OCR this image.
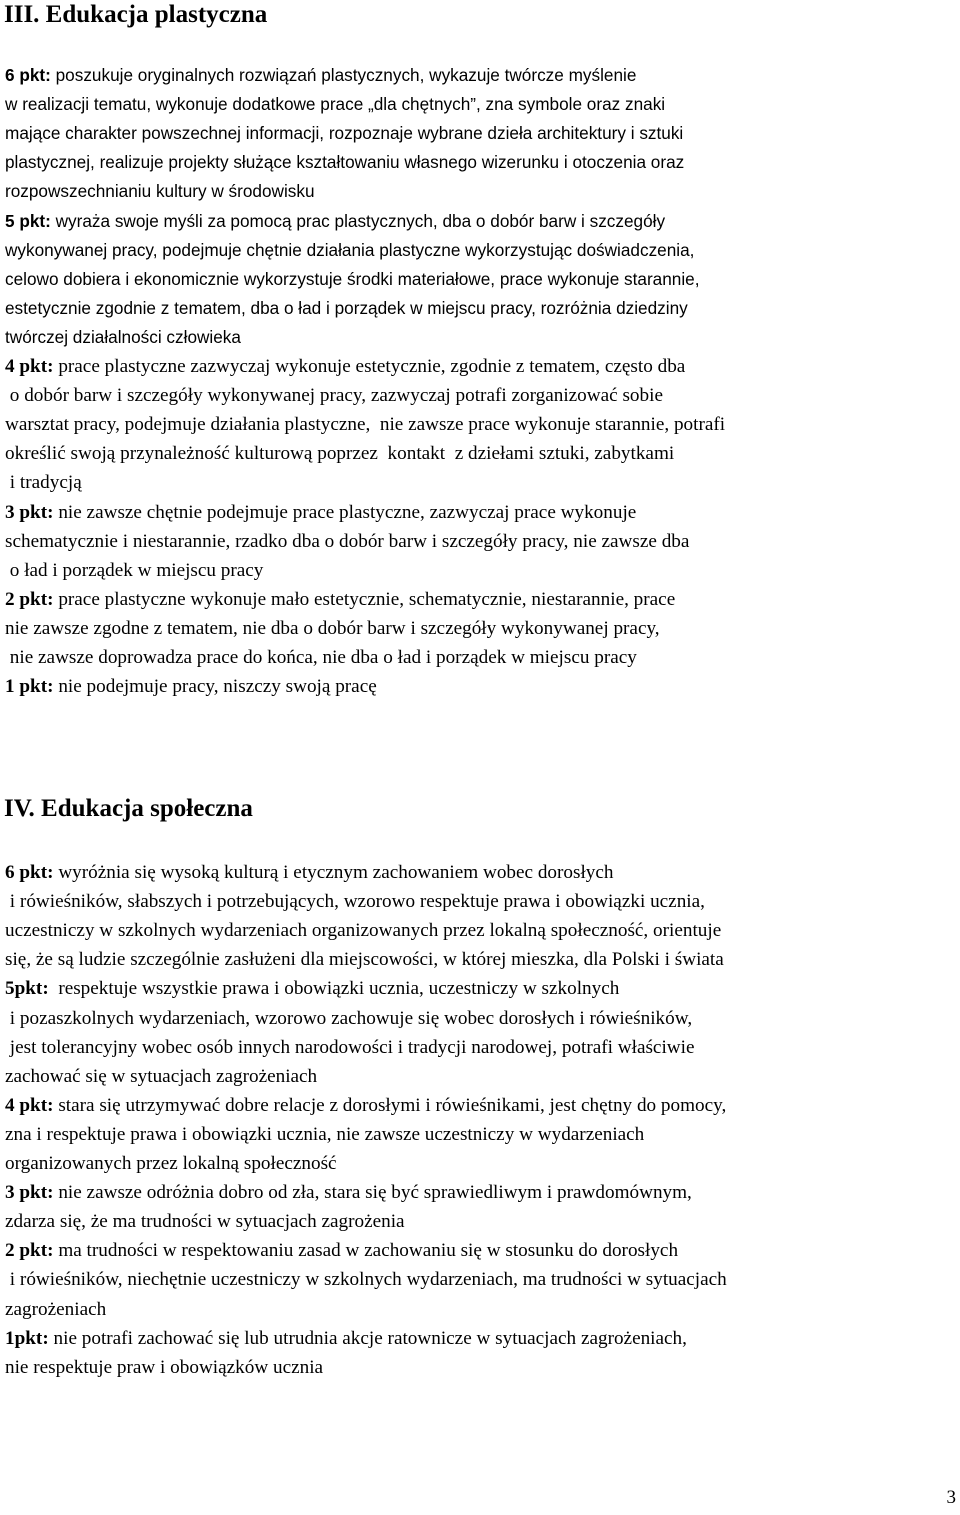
III. Edukacja plastyczna
6 pkt: poszukuje oryginalnych rozwiązań plastycznych, wykazuje twórcze myślenie
w realizacji tematu, wykonuje dodatkowe prace „dla chętnych”, zna symbole oraz znaki
mające charakter powszechnej informacji, rozpoznaje wybrane dzieła architektury i sztuki
plastycznej, realizuje projekty służące kształtowaniu własnego wizerunku i otoczenia oraz
rozpowszechnianiu kultury w środowisku
5 pkt: wyraża swoje myśli za pomocą prac plastycznych, dba o dobór barw i szczegóły
wykonywanej pracy, podejmuje chętnie działania plastyczne wykorzystując doświadczenia,
celowo dobiera i ekonomicznie wykorzystuje środki materiałowe, prace wykonuje starannie,
estetycznie zgodnie z tematem, dba o ład i porządek w miejscu pracy, rozróżnia dziedziny
twórczej działalności człowieka
4 pkt: prace plastyczne zazwyczaj wykonuje estetycznie, zgodnie z tematem, często dba
o dobór barw i szczegóły wykonywanej pracy, zazwyczaj potrafi zorganizować sobie
warsztat pracy, podejmuje działania plastyczne,  nie zawsze prace wykonuje starannie, potrafi
określić swoją przynależność kulturową poprzez  kontakt  z dziełami sztuki, zabytkami
i tradycją
3 pkt: nie zawsze chętnie podejmuje prace plastyczne, zazwyczaj prace wykonuje
schematycznie i niestarannie, rzadko dba o dobór barw i szczegóły pracy, nie zawsze dba
o ład i porządek w miejscu pracy
2 pkt: prace plastyczne wykonuje mało estetycznie, schematycznie, niestarannie, prace
nie zawsze zgodne z tematem, nie dba o dobór barw i szczegóły wykonywanej pracy,
nie zawsze doprowadza prace do końca, nie dba o ład i porządek w miejscu pracy
1 pkt: nie podejmuje pracy, niszczy swoją pracę
IV. Edukacja społeczna
6 pkt: wyróżnia się wysoką kulturą i etycznym zachowaniem wobec dorosłych
i rówieśników, słabszych i potrzebujących, wzorowo respektuje prawa i obowiązki ucznia,
uczestniczy w szkolnych wydarzeniach organizowanych przez lokalną społeczność, orientuje
się, że są ludzie szczególnie zasłużeni dla miejscowości, w której mieszka, dla Polski i świata
5pkt:  respektuje wszystkie prawa i obowiązki ucznia, uczestniczy w szkolnych
i pozaszkolnych wydarzeniach, wzorowo zachowuje się wobec dorosłych i rówieśników,
jest tolerancyjny wobec osób innych narodowości i tradycji narodowej, potrafi właściwie
zachować się w sytuacjach zagrożeniach
4 pkt: stara się utrzymywać dobre relacje z dorosłymi i rówieśnikami, jest chętny do pomocy,
zna i respektuje prawa i obowiązki ucznia, nie zawsze uczestniczy w wydarzeniach
organizowanych przez lokalną społeczność
3 pkt: nie zawsze odróżnia dobro od zła, stara się być sprawiedliwym i prawdomównym,
zdarza się, że ma trudności w sytuacjach zagrożenia
2 pkt: ma trudności w respektowaniu zasad w zachowaniu się w stosunku do dorosłych
i rówieśników, niechętnie uczestniczy w szkolnych wydarzeniach, ma trudności w sytuacjach
zagrożeniach
1pkt: nie potrafi zachować się lub utrudnia akcje ratownicze w sytuacjach zagrożeniach,
nie respektuje praw i obowiązków ucznia
3
